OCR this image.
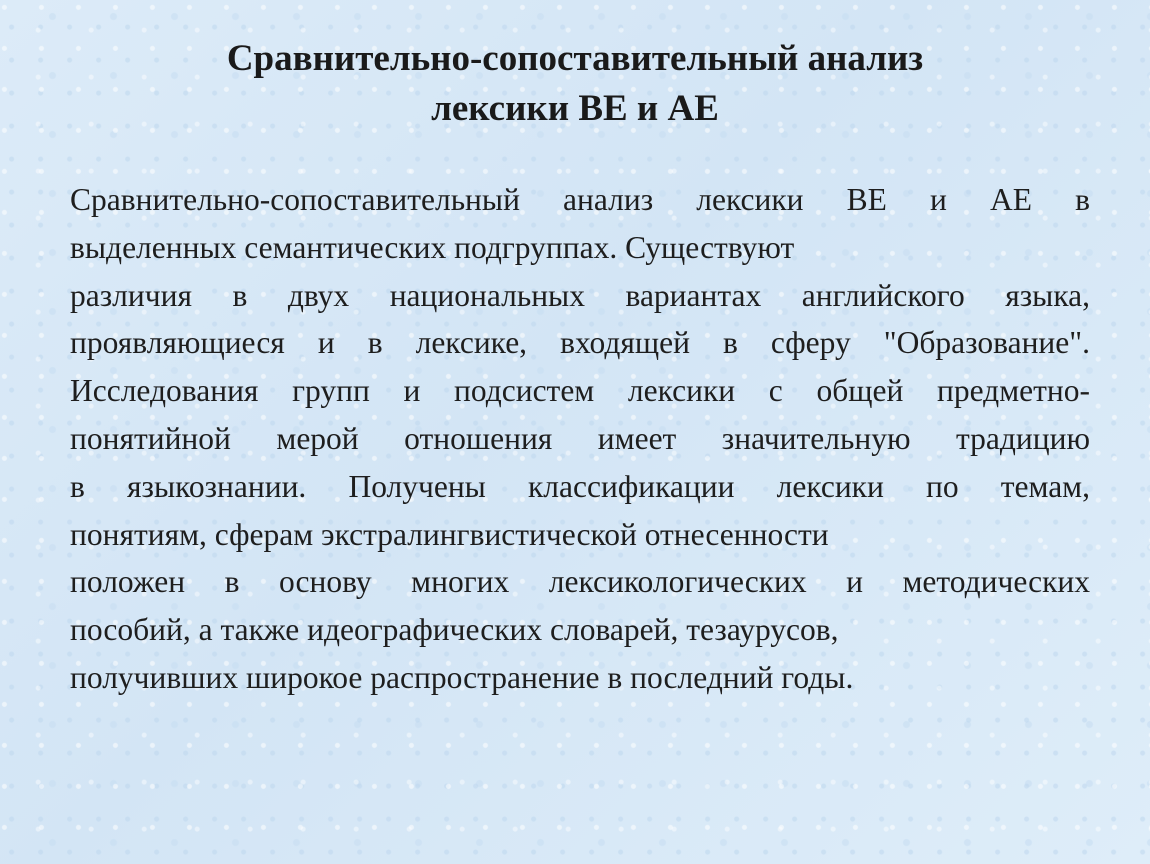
Сравнительно-сопоставительный анализ
лексики BE и AE
Сравнительно-сопоставительный анализ лексики BE и AE в
выделенных семантических подгруппах. Существуют
различия в двух национальных вариантах английского языка,
проявляющиеся и в лексике, входящей в сферу "Образование".
Исследования групп и подсистем лексики с общей предметно-
понятийной мерой отношения имеет значительную традицию
в языкознании. Получены классификации лексики по темам,
понятиям, сферам экстралингвистической отнесенности
положен в основу многих лексикологических и методических
пособий, а также идеографических словарей, тезаурусов,
получивших широкое распространение в последний годы.
